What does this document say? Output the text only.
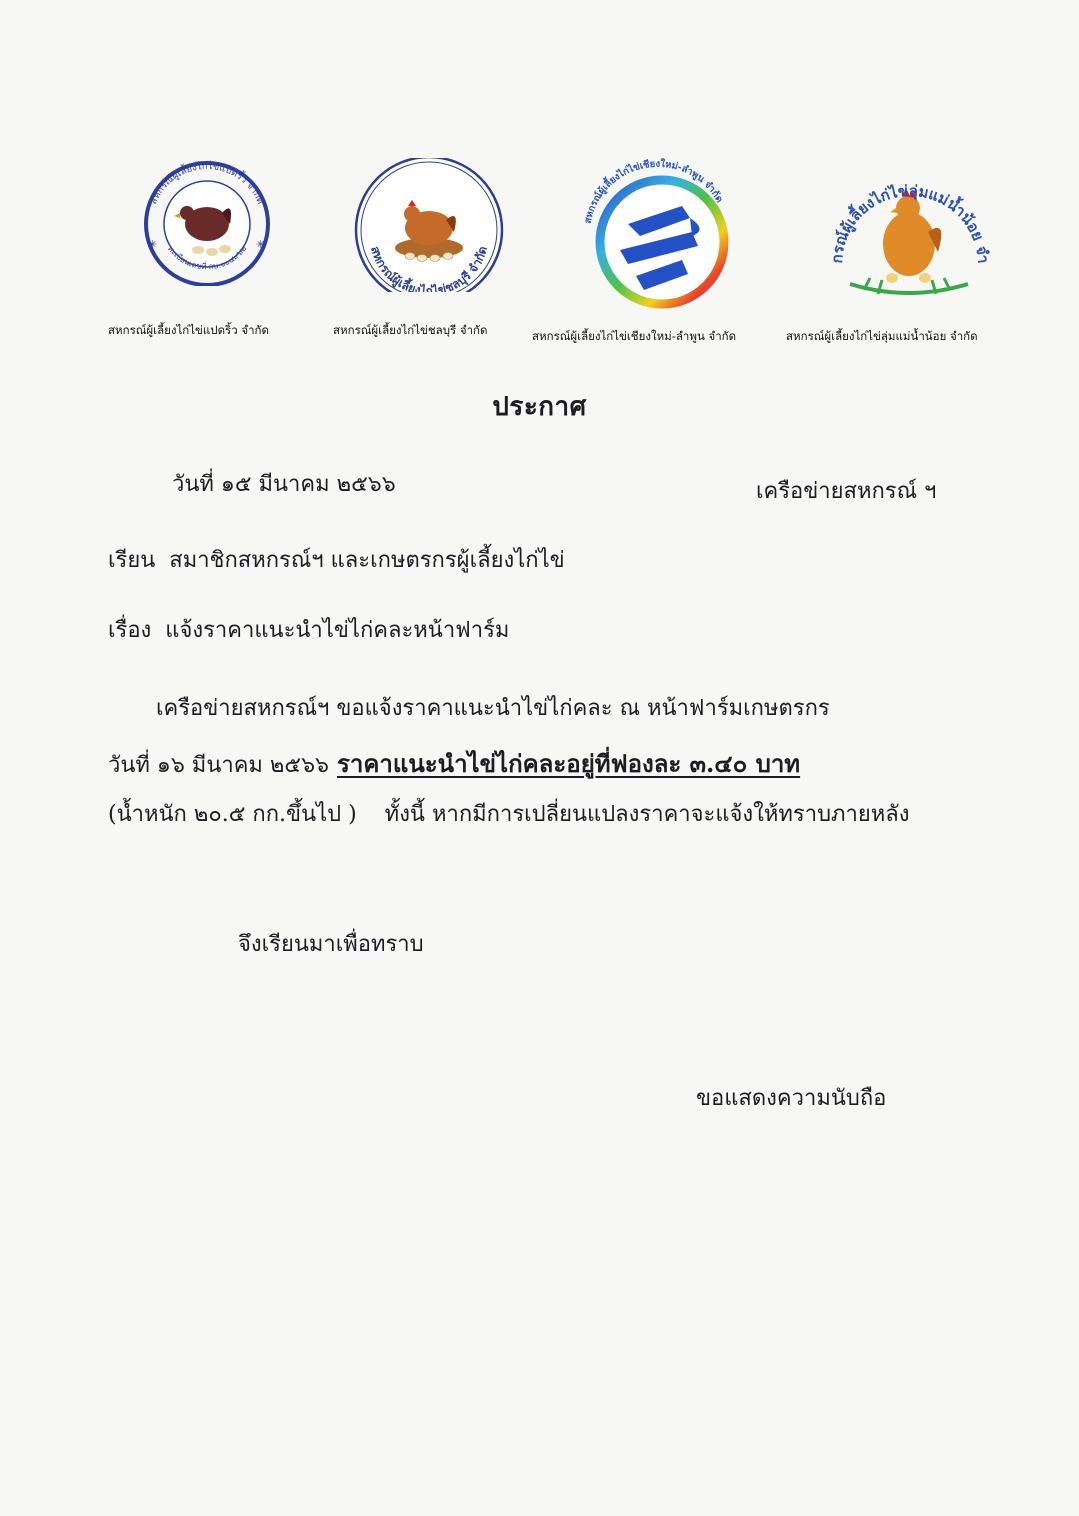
สหกรณ์ผู้เลี้ยงไก่ไข่แปดริ้ว จำกัด
ทะเบียนเลขที่ กษ.๐๐๔๙๖๒
✳	✳	สหกรณ์ผู้เลี้ยงไก่ไข่ชลบุรี จำกัด
สหกรณ์ผู้เลี้ยงไก่ไข่เชียงใหม่-ลำพูน จำกัด
กรณ์ผู้เลี้ยงไก่ไข่ลุ่มแม่น้ำน้อย จำ
สหกรณ์ผู้เลี้ยงไก่ไข่แปดริ้ว จำกัด	สหกรณ์ผู้เลี้ยงไก่ไข่ชลบุรี จำกัด	สหกรณ์ผู้เลี้ยงไก่ไข่เชียงใหม่-ลำพูน จำกัด	สหกรณ์ผู้เลี้ยงไก่ไข่ลุ่มแม่น้ำน้อย จำกัด
ประกาศ
วันที่ ๑๕ มีนาคม ๒๕๖๖	เครือข่ายสหกรณ์ ฯ
เรียน สมาชิกสหกรณ์ฯ และเกษตรกรผู้เลี้ยงไก่ไข่
เรื่อง แจ้งราคาแนะนำไข่ไก่คละหน้าฟาร์ม
เครือข่ายสหกรณ์ฯ ขอแจ้งราคาแนะนำไข่ไก่คละ ณ หน้าฟาร์มเกษตรกร
วันที่ ๑๖ มีนาคม ๒๕๖๖ ราคาแนะนำไข่ไก่คละอยู่ที่ฟองละ ๓.๔๐ บาท
(น้ำหนัก ๒๐.๕ กก.ขึ้นไป )    ทั้งนี้ หากมีการเปลี่ยนแปลงราคาจะแจ้งให้ทราบภายหลัง
จึงเรียนมาเพื่อทราบ
ขอแสดงความนับถือ
